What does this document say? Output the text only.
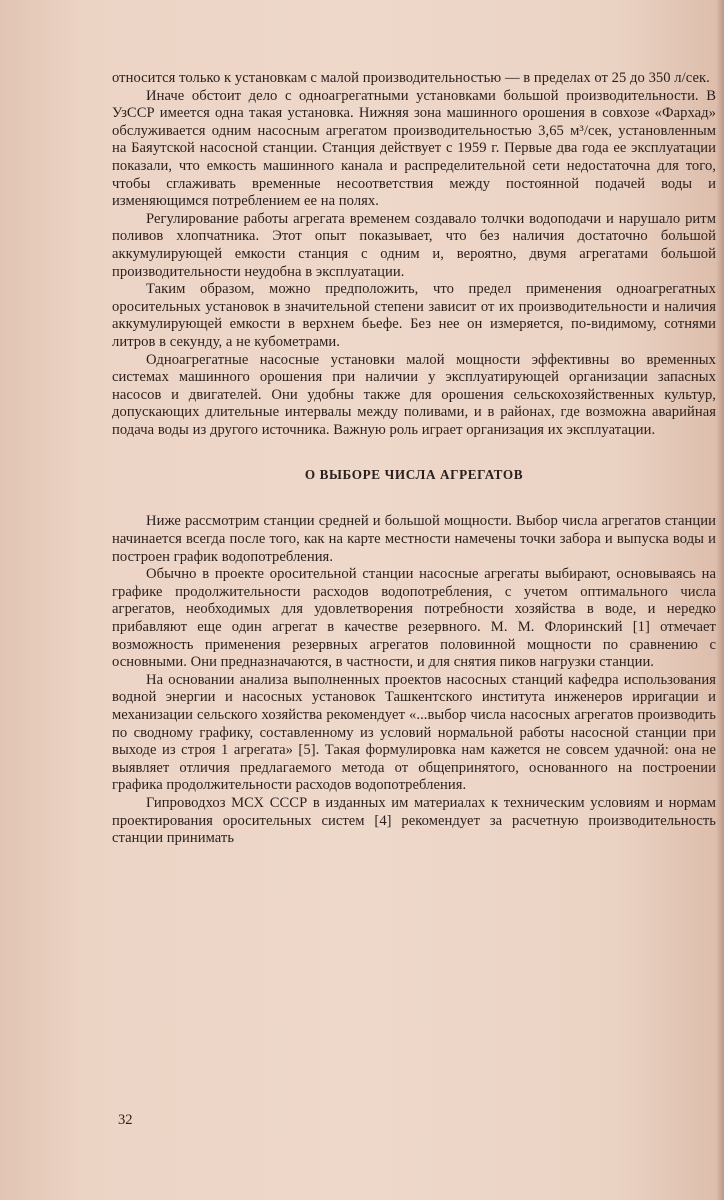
относится только к установкам с малой производительностью — в пределах от 25 до 350 л/сек.

Иначе обстоит дело с одноагрегатными установками большой производительности. В УзССР имеется одна такая установка. Нижняя зона машинного орошения в совхозе «Фархад» обслуживается одним насосным агрегатом производительностью 3,65 м³/сек, установленным на Баяутской насосной станции. Станция действует с 1959 г. Первые два года ее эксплуатации показали, что емкость машинного канала и распределительной сети недостаточна для того, чтобы сглаживать временные несоответствия между постоянной подачей воды и изменяющимся потреблением ее на полях.

Регулирование работы агрегата временем создавало толчки водоподачи и нарушало ритм поливов хлопчатника. Этот опыт показывает, что без наличия достаточно большой аккумулирующей емкости станция с одним и, вероятно, двумя агрегатами большой производительности неудобна в эксплуатации.

Таким образом, можно предположить, что предел применения одноагрегатных оросительных установок в значительной степени зависит от их производительности и наличия аккумулирующей емкости в верхнем бьефе. Без нее он измеряется, по-видимому, сотнями литров в секунду, а не кубометрами.

Одноагрегатные насосные установки малой мощности эффективны во временных системах машинного орошения при наличии у эксплуатирующей организации запасных насосов и двигателей. Они удобны также для орошения сельскохозяйственных культур, допускающих длительные интервалы между поливами, и в районах, где возможна аварийная подача воды из другого источника. Важную роль играет организация их эксплуатации.

О ВЫБОРЕ ЧИСЛА АГРЕГАТОВ

Ниже рассмотрим станции средней и большой мощности. Выбор числа агрегатов станции начинается всегда после того, как на карте местности намечены точки забора и выпуска воды и построен график водопотребления.

Обычно в проекте оросительной станции насосные агрегаты выбирают, основываясь на графике продолжительности расходов водопотребления, с учетом оптимального числа агрегатов, необходимых для удовлетворения потребности хозяйства в воде, и нередко прибавляют еще один агрегат в качестве резервного. М. М. Флоринский [1] отмечает возможность применения резервных агрегатов половинной мощности по сравнению с основными. Они предназначаются, в частности, и для снятия пиков нагрузки станции.

На основании анализа выполненных проектов насосных станций кафедра использования водной энергии и насосных установок Ташкентского института инженеров ирригации и механизации сельского хозяйства рекомендует «...выбор числа насосных агрегатов производить по сводному графику, составленному из условий нормальной работы насосной станции при выходе из строя 1 агрегата» [5]. Такая формулировка нам кажется не совсем удачной: она не выявляет отличия предлагаемого метода от общепринятого, основанного на построении графика продолжительности расходов водопотребления.

Гипроводхоз МСХ СССР в изданных им материалах к техническим условиям и нормам проектирования оросительных систем [4] рекомендует за расчетную производительность станции принимать

32
